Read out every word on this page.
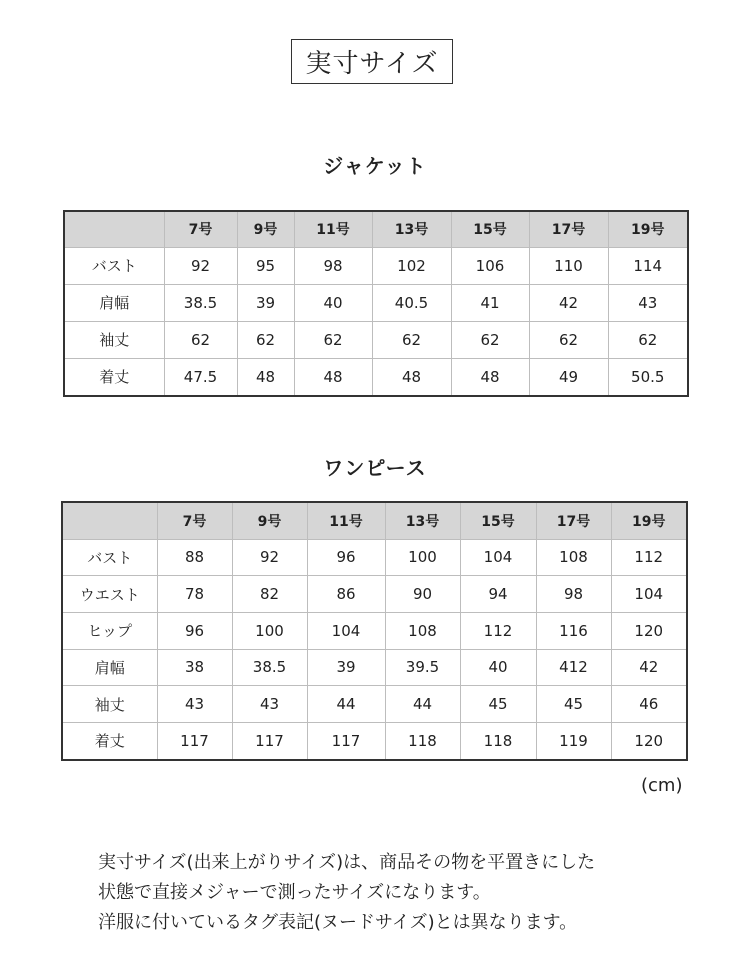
実寸サイズ
ジャケット
	7号	9号	11号	13号	15号	17号	19号
バスト	92	95	98	102	106	110	114
肩幅	38.5	39	40	40.5	41	42	43
袖丈	62	62	62	62	62	62	62
着丈	47.5	48	48	48	48	49	50.5
ワンピース
	7号	9号	11号	13号	15号	17号	19号
バスト	88	92	96	100	104	108	112
ウエスト	78	82	86	90	94	98	104
ヒップ	96	100	104	108	112	116	120
肩幅	38	38.5	39	39.5	40	412	42
袖丈	43	43	44	44	45	45	46
着丈	117	117	117	118	118	119	120
(cm)
実寸サイズ(出来上がりサイズ)は、商品その物を平置きにした
状態で直接メジャーで測ったサイズになります。
洋服に付いているタグ表記(ヌードサイズ)とは異なります。
